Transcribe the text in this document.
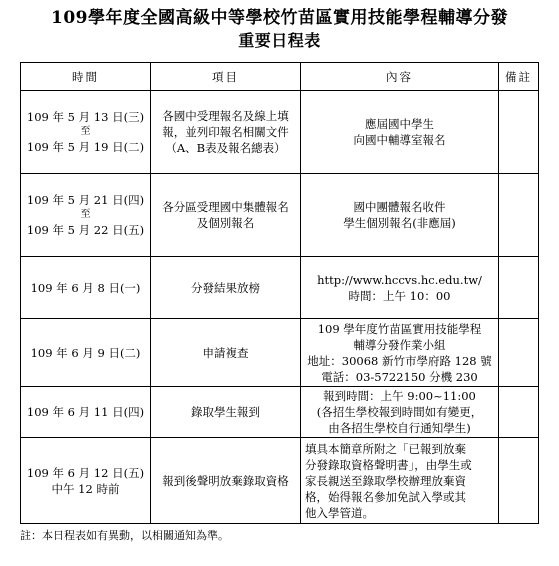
109學年度全國高級中等學校竹苗區實用技能學程輔導分發
重要日程表
時間	項目	內容	備註

109 年 5 月 13 日(三)
至
109 年 5 月 19 日(二)	各國中受理報名及線上填
報，並列印報名相關文件
（A、B表及報名總表）	應屆國中學生
向國中輔導室報名	

109 年 5 月 21 日(四)
至
109 年 5 月 22 日(五)	各分區受理國中集體報名
及個別報名	國中團體報名收件
學生個別報名(非應屆)	

109 年 6 月 8 日(一)	分發結果放榜	http://www.hccvs.hc.edu.tw/
時間：上午 10：00	

109 年 6 月 9 日(二)	申請複查	109 學年度竹苗區實用技能學程
輔導分發作業小組
地址：30068 新竹市學府路 128 號
電話：03-5722150 分機 230	

109 年 6 月 11 日(四)	錄取學生報到	報到時間：上午 9:00~11:00
(各招生學校報到時間如有變更，
由各招生學校自行通知學生)	

109 年 6 月 12 日(五)
中午 12 時前	報到後聲明放棄錄取資格	填具本簡章所附之「已報到放棄
分發錄取資格聲明書」，由學生或
家長親送至錄取學校辦理放棄資
格，始得報名參加免試入學或其
他入學管道。	

註：本日程表如有異動，以相關通知為準。
